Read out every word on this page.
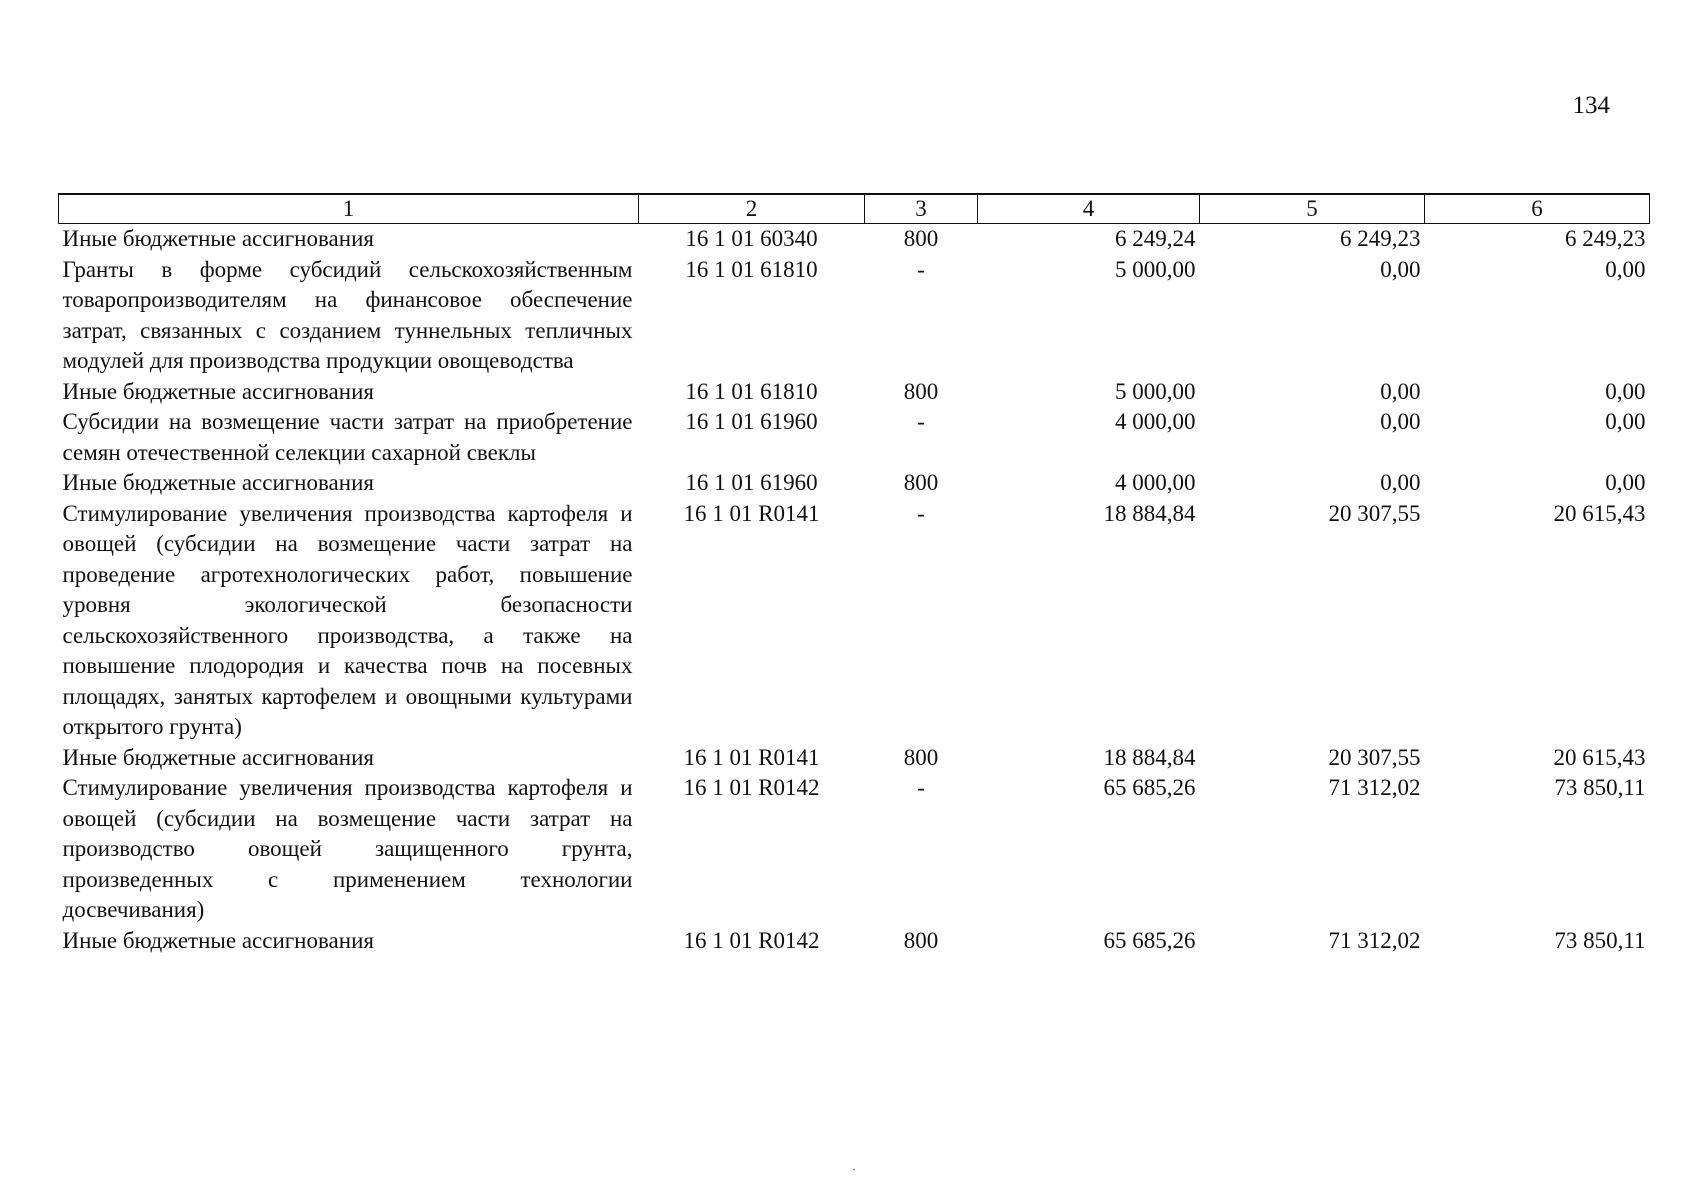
134
1	2	3	4	5	6
Иные бюджетные ассигнования	16 1 01 60340	800	6 249,24	6 249,23	6 249,23
Гранты в форме субсидий сельскохозяйственным товаропроизводителям на финансовое обеспечение затрат, связанных с созданием туннельных тепличных модулей для производства продукции овощеводства	16 1 01 61810	-	5 000,00	0,00	0,00
Иные бюджетные ассигнования	16 1 01 61810	800	5 000,00	0,00	0,00
Субсидии на возмещение части затрат на приобретение семян отечественной селекции сахарной свеклы	16 1 01 61960	-	4 000,00	0,00	0,00
Иные бюджетные ассигнования	16 1 01 61960	800	4 000,00	0,00	0,00
Стимулирование увеличения производства картофеля и овощей (субсидии на возмещение части затрат на проведение агротехнологических работ, повышение уровня экологической безопасности сельскохозяйственного производства, а также на повышение плодородия и качества почв на посевных площадях, занятых картофелем и овощными культурами открытого грунта)	16 1 01 R0141	-	18 884,84	20 307,55	20 615,43
Иные бюджетные ассигнования	16 1 01 R0141	800	18 884,84	20 307,55	20 615,43
Стимулирование увеличения производства картофеля и овощей (субсидии на возмещение части затрат на производство овощей защищенного грунта, произведенных с применением технологии досвечивания)	16 1 01 R0142	-	65 685,26	71 312,02	73 850,11
Иные бюджетные ассигнования	16 1 01 R0142	800	65 685,26	71 312,02	73 850,11
ˎ
